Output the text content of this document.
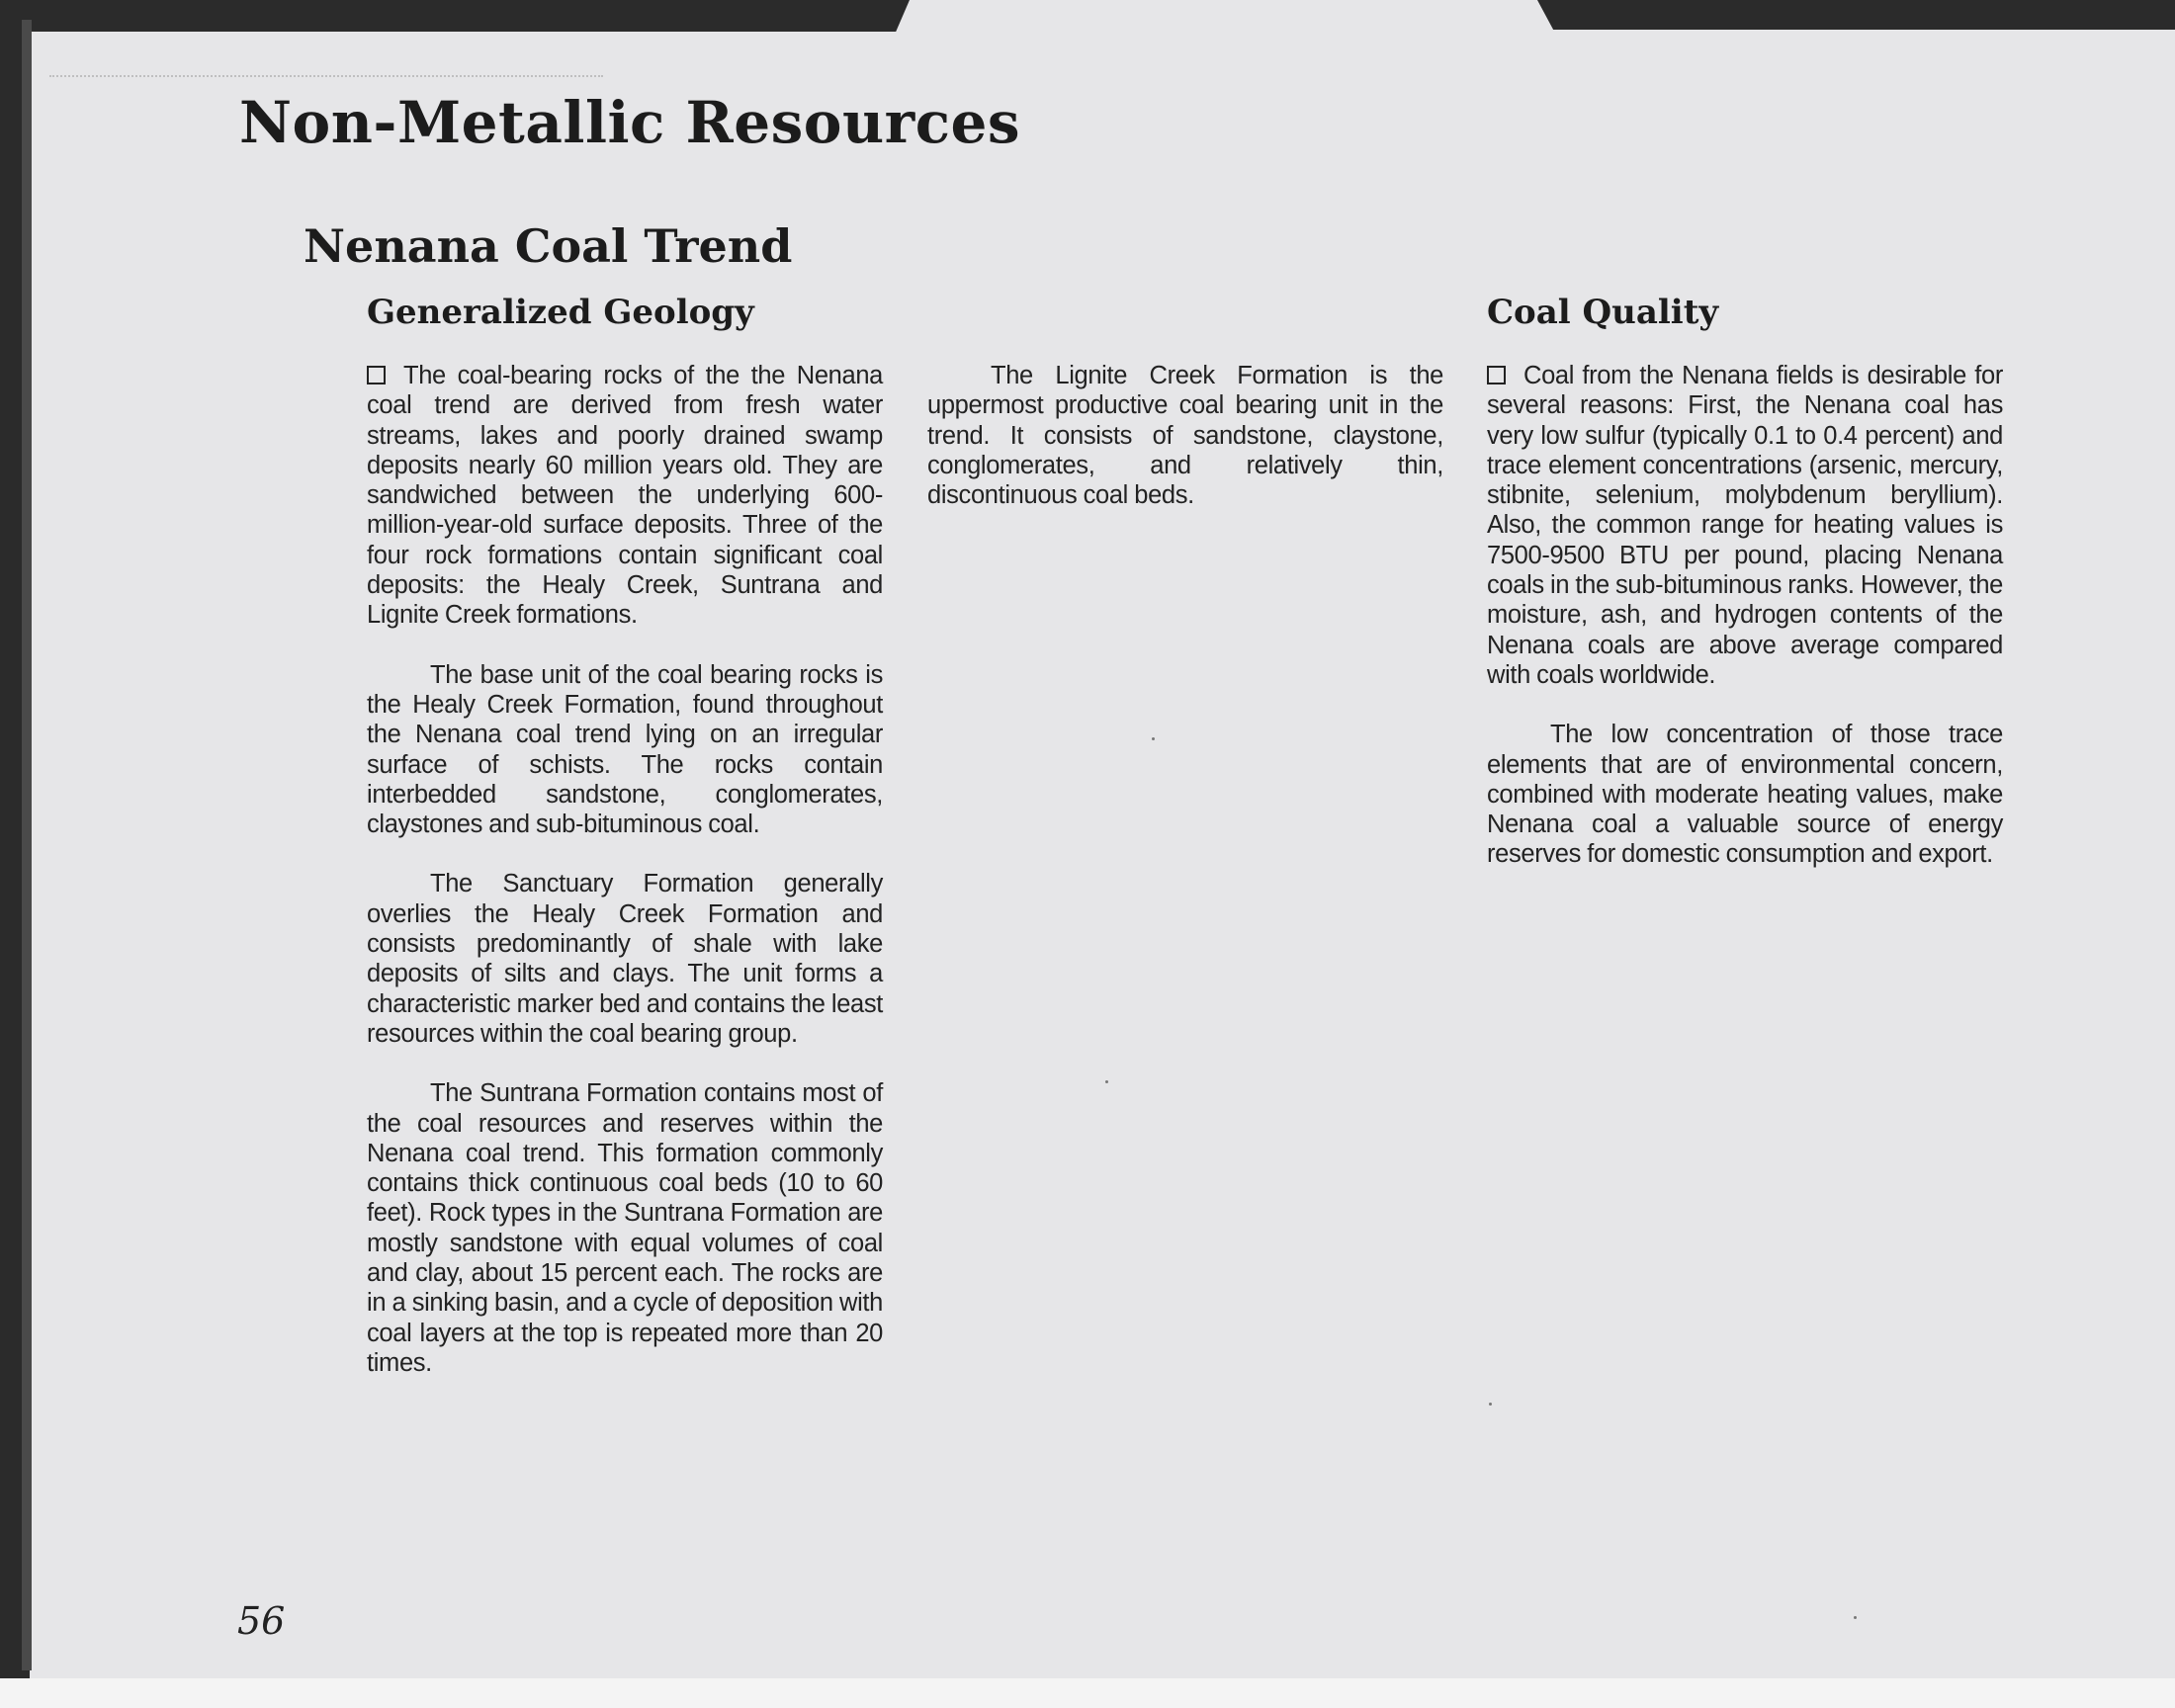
Non-Metallic Resources
Nenana Coal Trend
Generalized Geology	Coal Quality

The coal-bearing rocks of the the Nenana coal trend are derived from fresh water streams, lakes and poorly drained swamp deposits nearly 60 million years old. They are sandwiched between the underlying 600-million-year-old surface deposits. Three of the four rock formations contain significant coal deposits: the Healy Creek, Suntrana and Lignite Creek formations.

The base unit of the coal bearing rocks is the Healy Creek Formation, found throughout the Nenana coal trend lying on an irregular surface of schists. The rocks contain interbedded sandstone, conglomerates, claystones and sub-bituminous coal.

The Sanctuary Formation generally overlies the Healy Creek Formation and consists predominantly of shale with lake deposits of silts and clays. The unit forms a characteristic marker bed and contains the least resources within the coal bearing group.

The Suntrana Formation contains most of the coal resources and reserves within the Nenana coal trend. This formation commonly contains thick continuous coal beds (10 to 60 feet). Rock types in the Suntrana Formation are mostly sandstone with equal volumes of coal and clay, about 15 percent each. The rocks are in a sinking basin, and a cycle of deposition with coal layers at the top is repeated more than 20 times.

The Lignite Creek Formation is the uppermost productive coal bearing unit in the trend. It consists of sandstone, claystone, conglomerates, and relatively thin, discontinuous coal beds.

Coal from the Nenana fields is desirable for several reasons: First, the Nenana coal has very low sulfur (typically 0.1 to 0.4 percent) and trace element concentrations (arsenic, mercury, stibnite, selenium, molybdenum beryllium). Also, the common range for heating values is 7500-9500 BTU per pound, placing Nenana coals in the sub-bituminous ranks. However, the moisture, ash, and hydrogen contents of the Nenana coals are above average compared with coals worldwide.

The low concentration of those trace elements that are of environmental concern, combined with moderate heating values, make Nenana coal a valuable source of energy reserves for domestic consumption and export.

56
